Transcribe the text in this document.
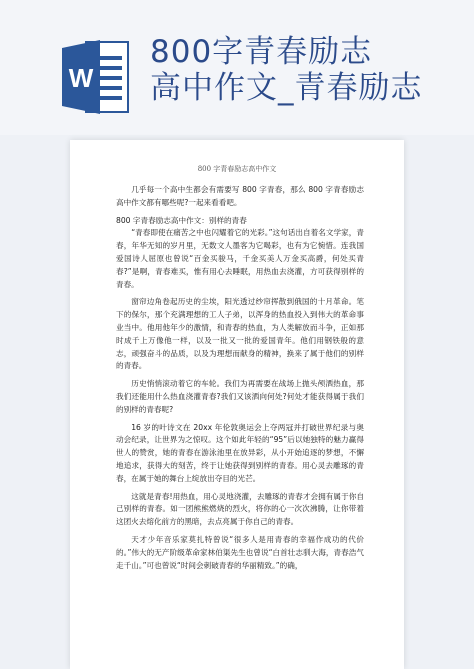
W
800字青春励志
高中作文_青春励志
800 字青春励志高中作文

几乎每一个高中生都会有需要写 800 字青春，那么 800 字青春励志高中作文都有哪些呢?一起来看看吧。

800 字青春励志高中作文：别样的青春

“青春即使在痛苦之中也闪耀着它的光彩。”这句话出自着名文学家，青春，年华无知的岁月里，无数文人墨客为它喝彩，也有为它惋惜。连我国爱国诗人屈原也曾说“百金买骏马，千金买美人万金买高爵，何处买青春?”是啊，青春难买，惟有用心去睡眠，用热血去浇灌，方可获得别样的青春。

窗帘边角卷起历史的尘埃，阳光透过纱帘挥散到俄国的十月革命。笔下的保尔，那个充满理想的工人子弟，以浑身的热血投入到伟大的革命事业当中。他用他年少的激情，和青春的热血，为人类解放而斗争，正如那时成千上万像他一样，以及一批又一批的爱国青年。他们用钢铁般的意志，顽强奋斗的品质，以及为理想而献身的精神，换来了属于他们的别样的青春。

历史悄悄滚动着它的车轮。我们为再需要在战场上抛头颅洒热血，那我们还能用什么热血浇灌青春?我们又该洒向何处?何处才能获得属于我们的别样的青春呢?

16 岁的叶诗文在 20xx 年伦敦奥运会上夺两冠并打破世界纪录与奥动会纪录，让世界为之惊叹。这个如此年轻的“95”后以她独特的魅力赢得世人的赞赏，她的青春在游泳池里在放异彩，从小开始追逐的梦想，不懈地追求，获得大的刻苦，终于让她获得到别样的青春。用心灵去雕琢的青春，在属于她的舞台上绽放出夺目的光芒。

这就是青春!用热血，用心灵地浇灌，去雕琢的青春才会拥有属于你自己别样的青春。如一团熊熊燃烧的烈火，将你的心一次次沸腾，让你带着这团火去熔化前方的黑暗，去点亮属于你自己的青春。

天才少年音乐家莫扎特曾说“很多人是用青春的幸福作成功的代价的。”伟大的无产阶级革命家林伯渠先生也曾说“白首壮志驯大海，青春浩气走千山。”可也曾说“时间会刺破青春的华丽精致。”的确，
